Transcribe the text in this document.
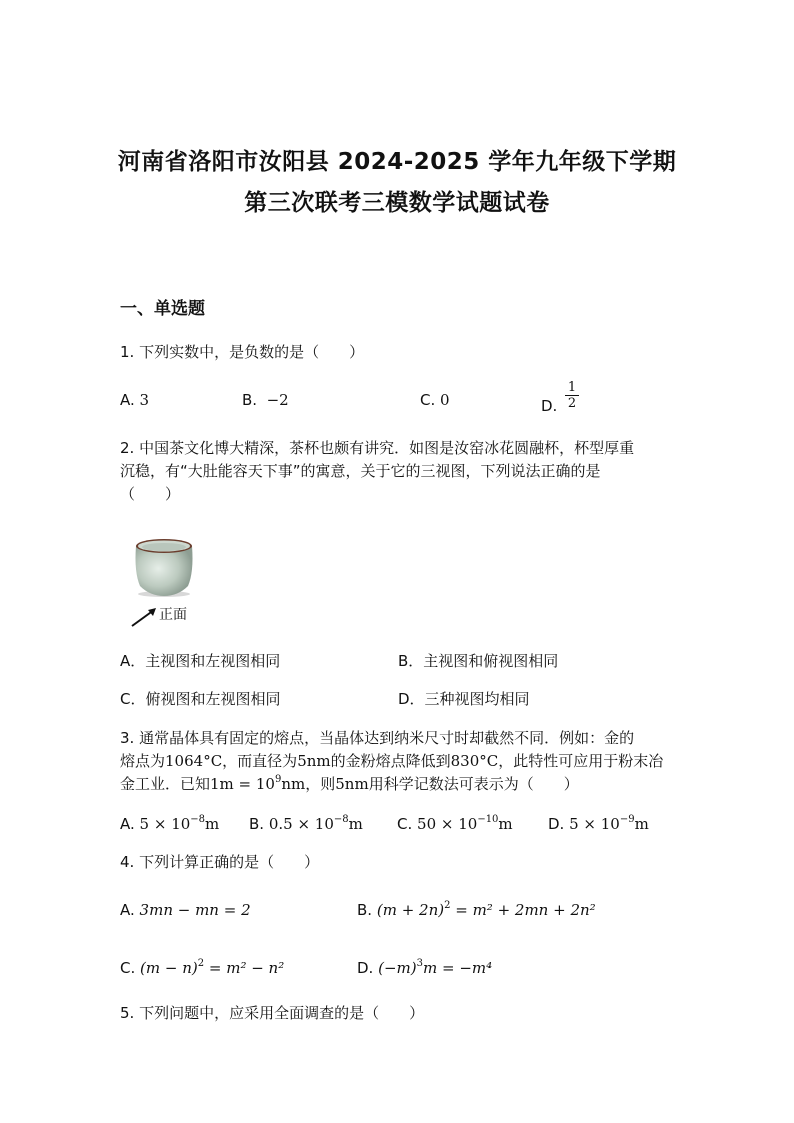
河南省洛阳市汝阳县 2024-2025 学年九年级下学期
第三次联考三模数学试题试卷
一、单选题
1. 下列实数中，是负数的是（　　）
A. 3	B. −2	C. 0	D.
1
2
2. 中国茶文化博大精深，茶杯也颇有讲究．如图是汝窑冰花圆融杯，杯型厚重
沉稳，有“大肚能容天下事”的寓意，关于它的三视图，下列说法正确的是
（　　）
正面
A．主视图和左视图相同	B．主视图和俯视图相同
C．俯视图和左视图相同	D．三种视图均相同
3. 通常晶体具有固定的熔点，当晶体达到纳米尺寸时却截然不同．例如：金的
熔点为1064°C，而直径为5nm的金粉熔点降低到830°C，此特性可应用于粉末冶
金工业．已知$1m = 10^9nm$，则5nm用科学记数法可表示为（　　）
A. $5 \times 10^{-8}m$ B. $0.5 \times 10^{-8}m$ C. $50 \times 10^{-10}m$ D. $5 \times 10^{-9}m$
4. 下列计算正确的是（　　）
A. 3mn − mn = 2	B. $(m + 2n)^2 = m^2 + 2mn + 2n^2$
C. $(m - n)^2 = m^2 - n^2$	D. $(-m)^3m = -m^4$
5. 下列问题中，应采用全面调查的是（　　）
